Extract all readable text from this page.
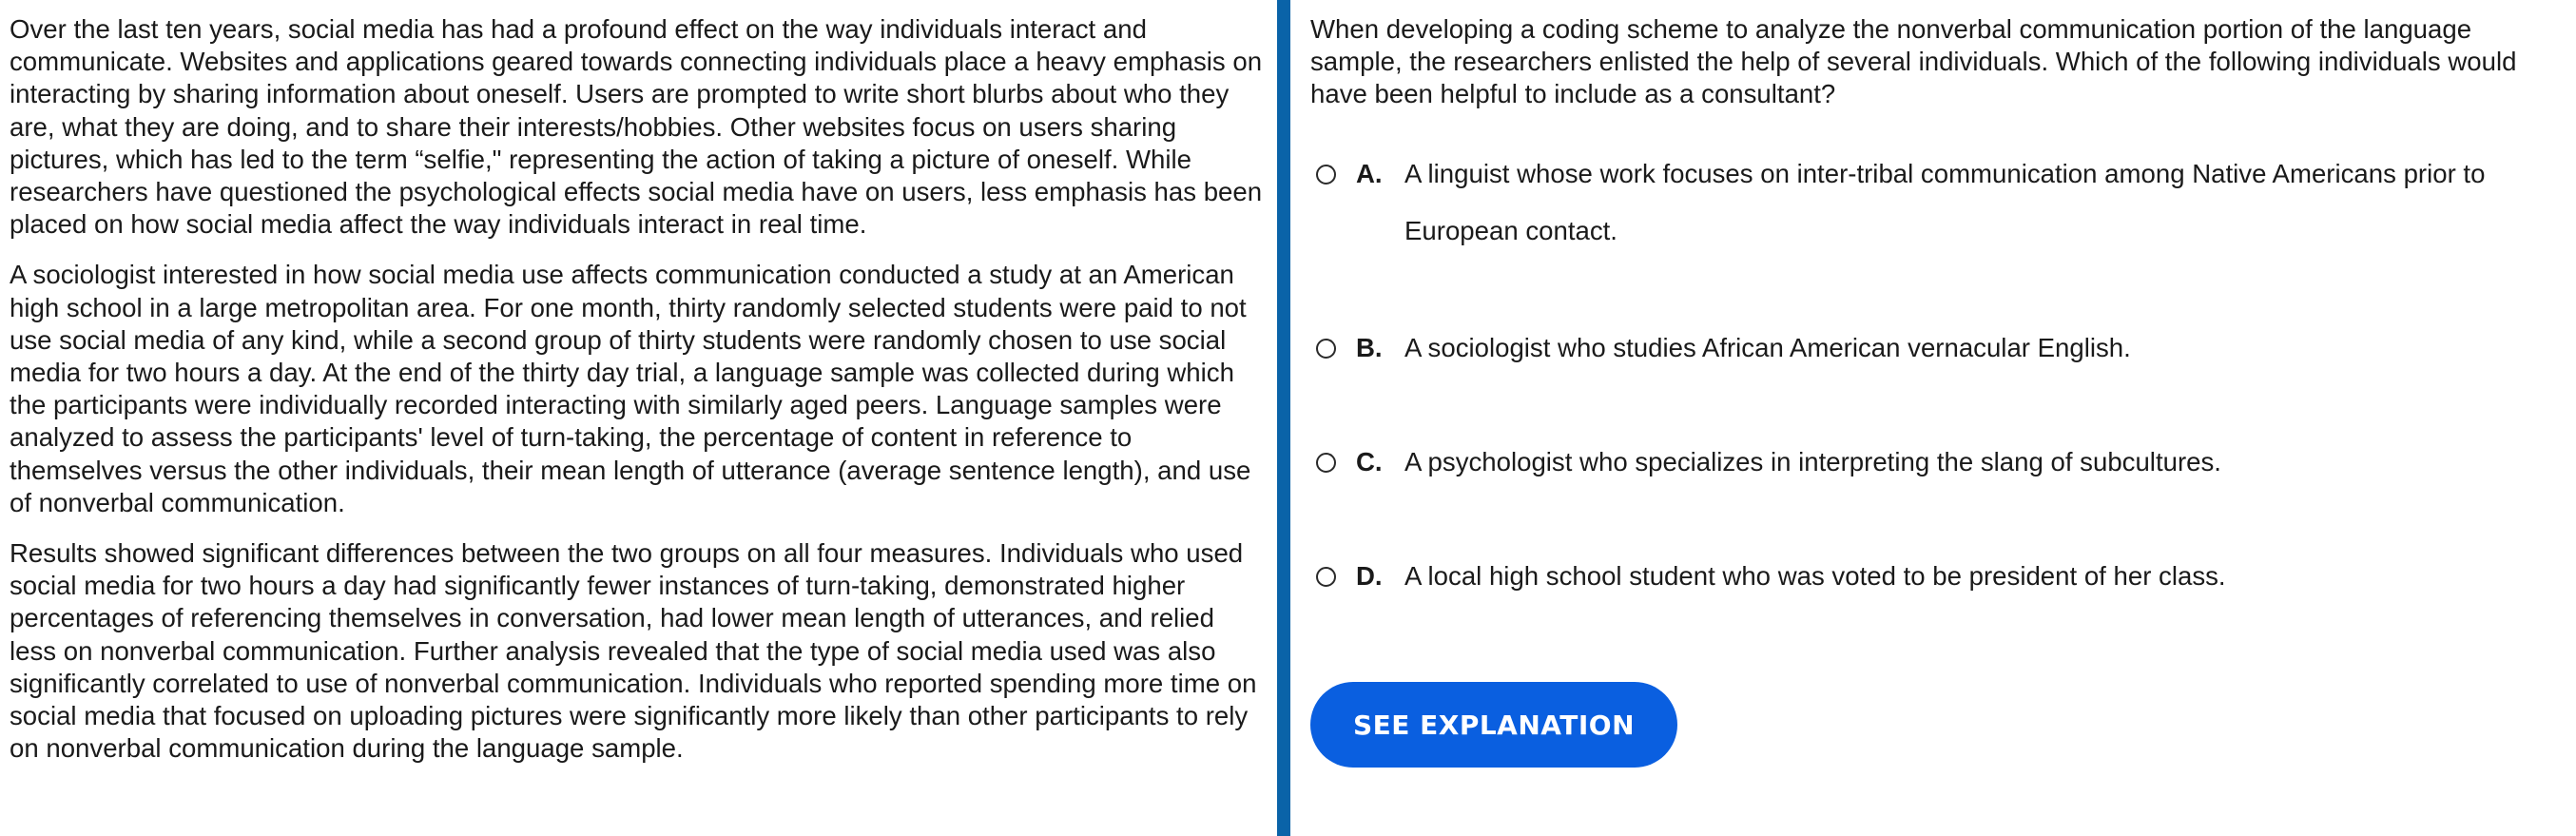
Over the last ten years, social media has had a profound effect on the way individuals interact and communicate. Websites and applications geared towards connecting individuals place a heavy emphasis on interacting by sharing information about oneself. Users are prompted to write short blurbs about who they are, what they are doing, and to share their interests/hobbies. Other websites focus on users sharing pictures, which has led to the term “selfie," representing the action of taking a picture of oneself. While researchers have questioned the psychological effects social media have on users, less emphasis has been placed on how social media affect the way individuals interact in real time.

A sociologist interested in how social media use affects communication conducted a study at an American high school in a large metropolitan area. For one month, thirty randomly selected students were paid to not use social media of any kind, while a second group of thirty students were randomly chosen to use social media for two hours a day. At the end of the thirty day trial, a language sample was collected during which the participants were individually recorded interacting with similarly aged peers. Language samples were analyzed to assess the participants' level of turn-taking, the percentage of content in reference to themselves versus the other individuals, their mean length of utterance (average sentence length), and use of nonverbal communication.

Results showed significant differences between the two groups on all four measures. Individuals who used social media for two hours a day had significantly fewer instances of turn-taking, demonstrated higher percentages of referencing themselves in conversation, had lower mean length of utterances, and relied less on nonverbal communication. Further analysis revealed that the type of social media used was also significantly correlated to use of nonverbal communication. Individuals who reported spending more time on social media that focused on uploading pictures were significantly more likely than other participants to rely on nonverbal communication during the language sample.

When developing a coding scheme to analyze the nonverbal communication portion of the language sample, the researchers enlisted the help of several individuals. Which of the following individuals would have been helpful to include as a consultant?
A. A linguist whose work focuses on inter-tribal communication among Native Americans prior to European contact.
B. A sociologist who studies African American vernacular English.
C. A psychologist who specializes in interpreting the slang of subcultures.
D. A local high school student who was voted to be president of her class.
SEE EXPLANATION
